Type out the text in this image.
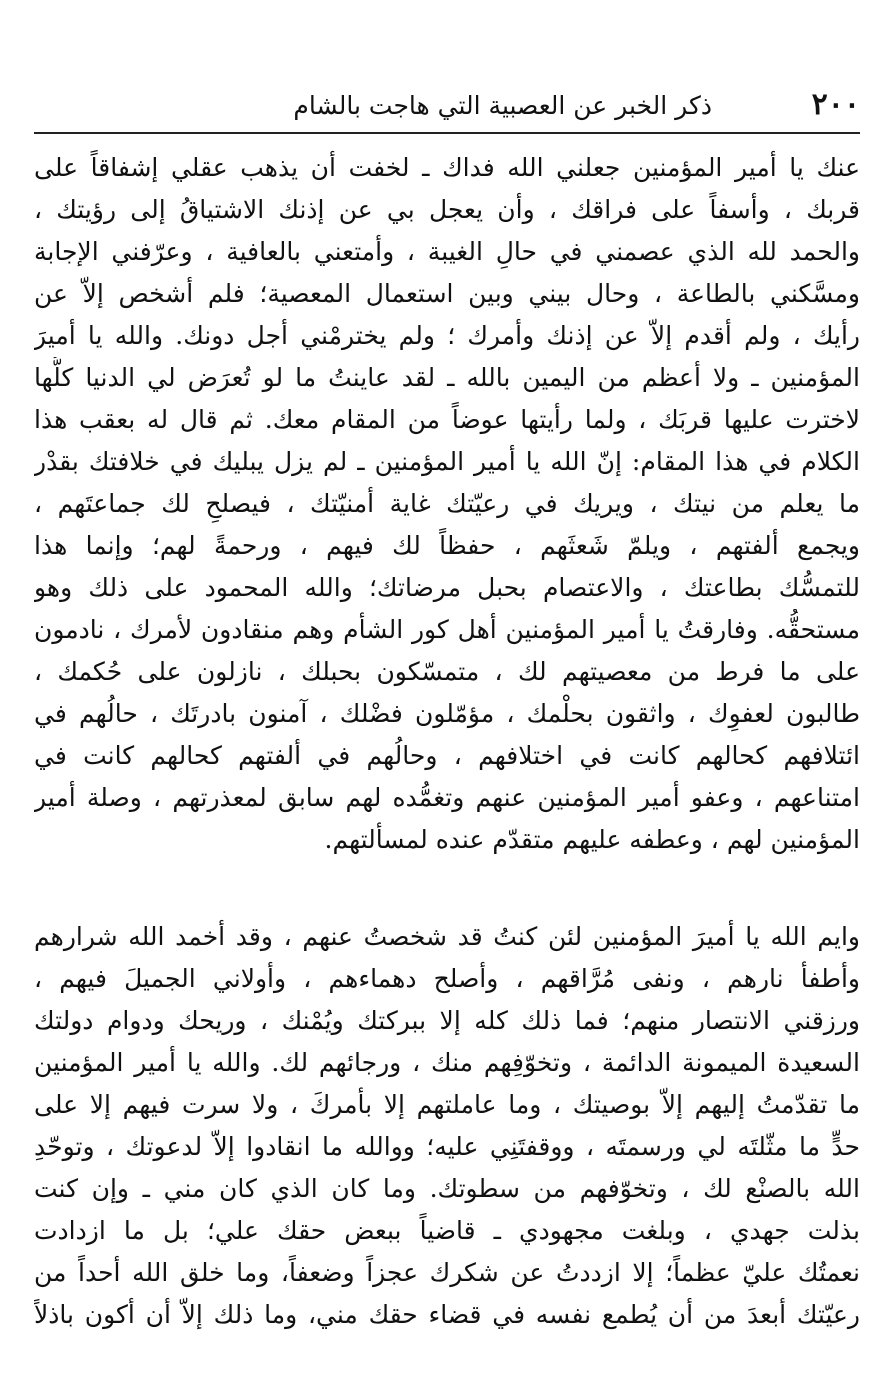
٢٠٠
ذكر الخبر عن العصبية التي هاجت بالشام
عنك يا أمير المؤمنين جعلني الله فداك ـ لخفت أن يذهب عقلي إشفاقاً على
قربك ، وأسفاً على فراقك ، وأن يعجل بي عن إذنك الاشتياقُ إلى رؤيتك ،
والحمد لله الذي عصمني في حالِ الغيبة ، وأمتعني بالعافية ، وعرّفني الإجابة
ومسَّكني بالطاعة ، وحال بيني وبين استعمال المعصية؛ فلم أشخص إلاّ عن
رأيك ، ولم أقدم إلاّ عن إذنك وأمرك ؛ ولم يخترمْني أجل دونك. والله يا أميرَ
المؤمنين ـ ولا أعظم من اليمين بالله ـ لقد عاينتُ ما لو تُعرَض لي الدنيا كلُّها
لاخترت عليها قربَك ، ولما رأيتها عوضاً من المقام معك. ثم قال له بعقب هذا
الكلام في هذا المقام: إنّ الله يا أمير المؤمنين ـ لم يزل يبليك في خلافتك بقدْر
ما يعلم من نيتك ، ويريك في رعيّتك غاية أمنيّتك ، فيصلحِ لك جماعتَهم ،
ويجمع ألفتهم ، ويلمّ شَعثَهم ، حفظاً لك فيهم ، ورحمةً لهم؛ وإنما هذا
للتمسُّك بطاعتك ، والاعتصام بحبل مرضاتك؛ والله المحمود على ذلك وهو
مستحقُّه. وفارقتُ يا أمير المؤمنين أهل كور الشأم وهم منقادون لأمرك ، نادمون
على ما فرط من معصيتهم لك ، متمسّكون بحبلك ، نازلون على حُكمك ،
طالبون لعفوِك ، واثقون بحلْمك ، مؤمّلون فضْلك ، آمنون بادرتَك ، حالُهم في
ائتلافهم كحالهم كانت في اختلافهم ، وحالُهم في ألفتهم كحالهم كانت في
امتناعهم ، وعفو أمير المؤمنين عنهم وتغمُّده لهم سابق لمعذرتهم ، وصلة أمير
المؤمنين لهم ، وعطفه عليهم متقدّم عنده لمسألتهم.
وايم الله يا أميرَ المؤمنين لئن كنتُ قد شخصتُ عنهم ، وقد أخمد الله شرارهم
وأطفأ نارهم ، ونفى مُرَّاقهم ، وأصلح دهماءهم ، وأولاني الجميلَ فيهم ،
ورزقني الانتصار منهم؛ فما ذلك كله إلا ببركتك ويُمْنك ، وريحك ودوام دولتك
السعيدة الميمونة الدائمة ، وتخوّفِهم منك ، ورجائهم لك. والله يا أمير المؤمنين
ما تقدّمتُ إليهم إلاّ بوصيتك ، وما عاملتهم إلا بأمركَ ، ولا سرت فيهم إلا على
حدٍّ ما مثّلتَه لي ورسمتَه ، ووقفتَنِي عليه؛ ووالله ما انقادوا إلاّ لدعوتك ، وتوحّدِ
الله بالصنْع لك ، وتخوّفهم من سطوتك. وما كان الذي كان مني ـ وإن كنت
بذلت جهدي ، وبلغت مجهودي ـ قاضياً ببعض حقك علي؛ بل ما ازدادت
نعمتُك عليّ عظماً؛ إلا ازددتُ عن شكرك عجزاً وضعفاً، وما خلق الله أحداً من
رعيّتك أبعدَ من أن يُطمع نفسه في قضاء حقك مني، وما ذلك إلاّ أن أكون باذلاً
